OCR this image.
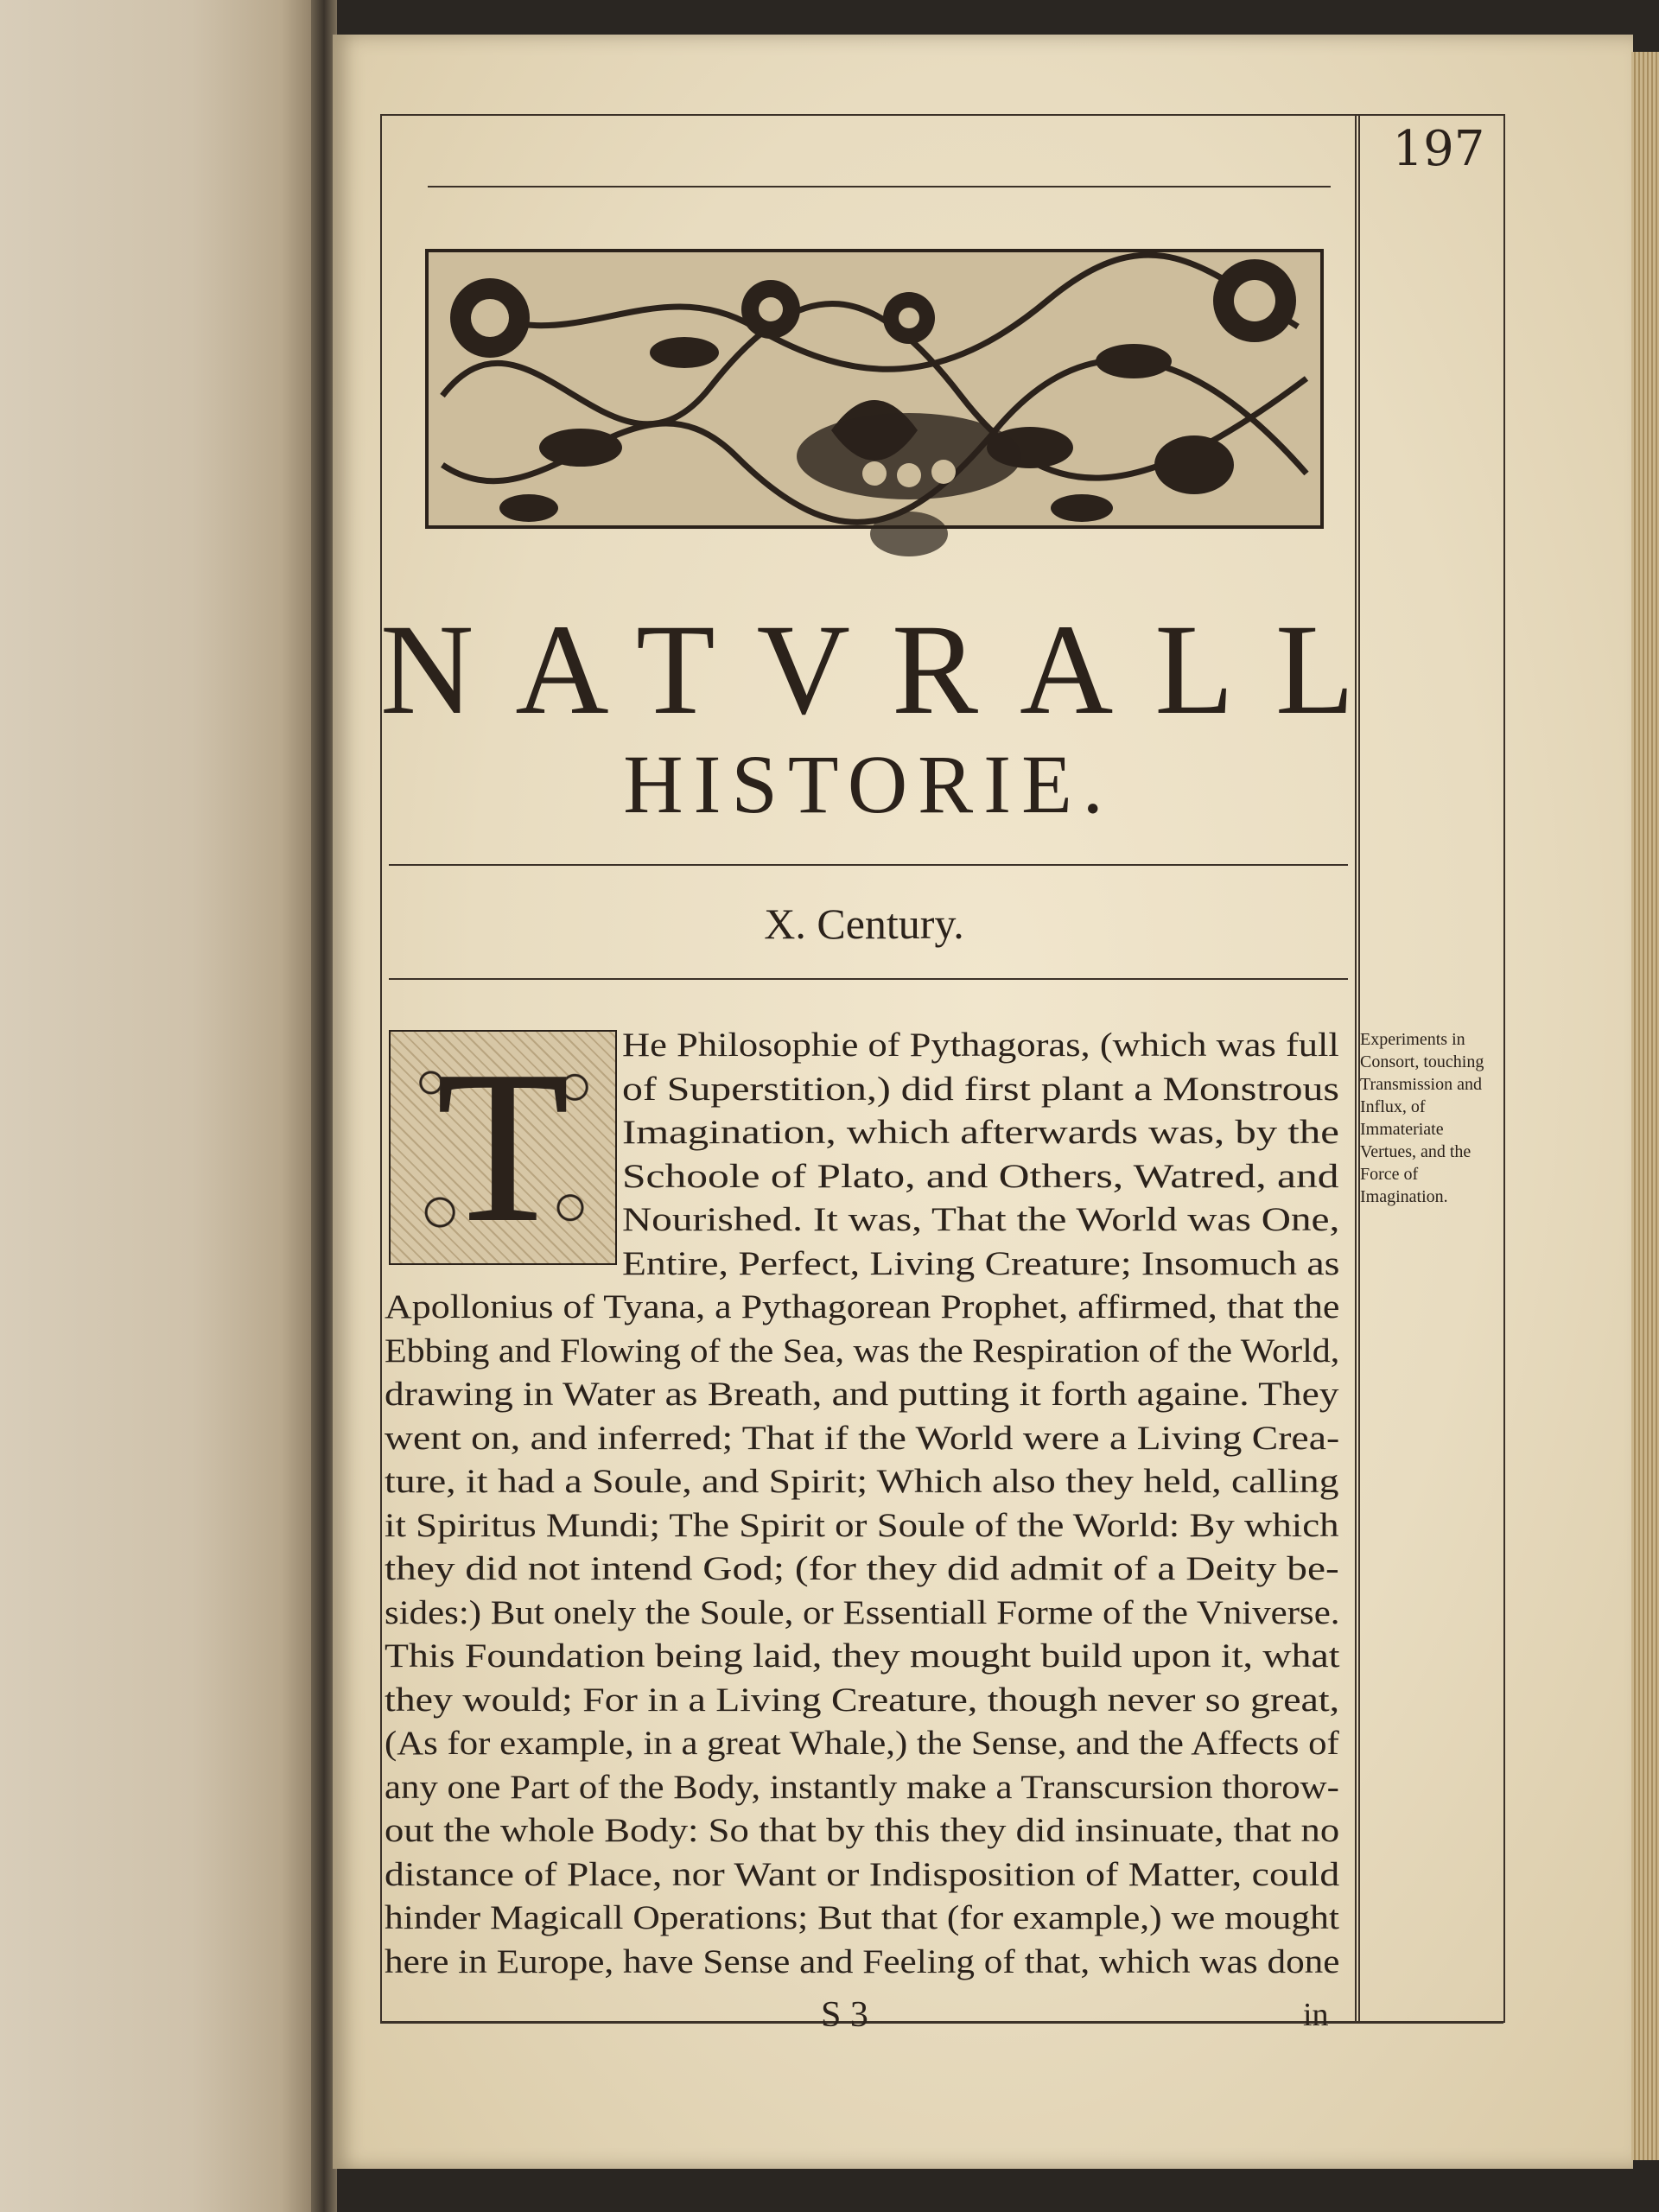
197
NATVRALL
HISTORIE.
X. Century.
T	Experiments in Consort, touching Transmission and Influx, of Immateriate Vertues, and the Force of Imagination.
He Philosophie of Pythagoras, (which was full
of Superstition,) did first plant a Monstrous
Imagination, which afterwards was, by the
Schoole of Plato, and Others, Watred, and
Nourished. It was, That the World was One,
Entire, Perfect, Living Creature; Insomuch as
Apollonius of Tyana, a Pythagorean Prophet, affirmed, that the
Ebbing and Flowing of the Sea, was the Respiration of the World,
drawing in Water as Breath, and putting it forth againe. They
went on, and inferred; That if the World were a Living Crea-
ture, it had a Soule, and Spirit; Which also they held, calling
it Spiritus Mundi; The Spirit or Soule of the World: By which
they did not intend God; (for they did admit of a Deity be-
sides:) But onely the Soule, or Essentiall Forme of the Vniverse.
This Foundation being laid, they mought build upon it, what
they would; For in a Living Creature, though never so great,
(As for example, in a great Whale,) the Sense, and the Affects of
any one Part of the Body, instantly make a Transcursion thorow-
out the whole Body: So that by this they did insinuate, that no
distance of Place, nor Want or Indisposition of Matter, could
hinder Magicall Operations; But that (for example,) we mought
here in Europe, have Sense and Feeling of that, which was done
S 3	in
